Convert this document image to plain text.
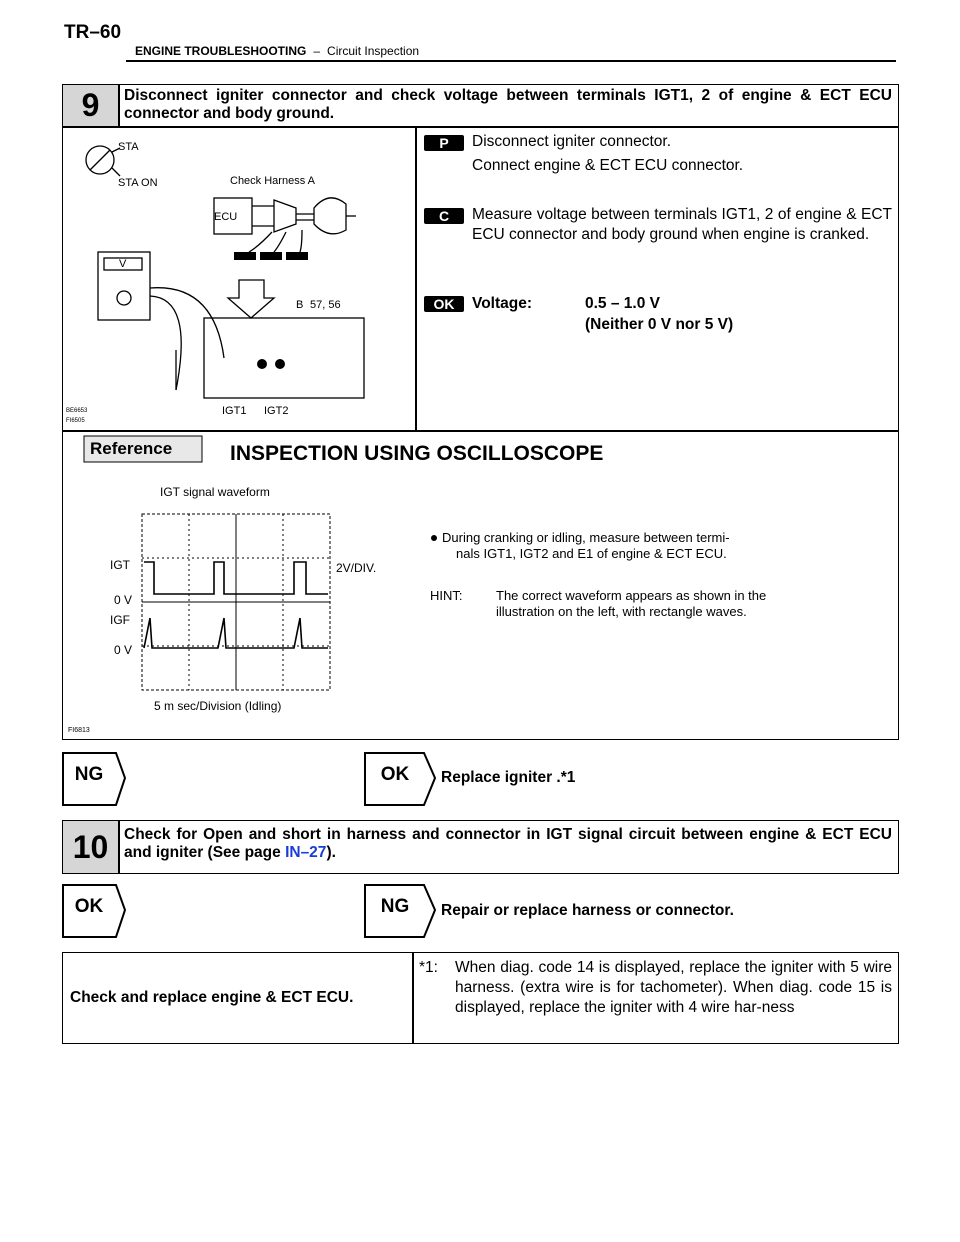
TR–60
ENGINE TROUBLESHOOTING – Circuit Inspection
9	Disconnect igniter connector and check voltage between terminals IGT1, 2 of engine & ECT ECU connector and body ground.
STA
STA ON	Check Harness A
ECU
V
B 57, 56
IGT1 IGT2
BE6653
FI6505
P	Disconnect igniter connector.
Connect engine & ECT ECU connector.
C	Measure voltage between terminals IGT1, 2 of engine & ECT ECU connector and body ground when engine is cranked.
OK	Voltage:	0.5 – 1.0 V
(Neither 0 V nor 5 V)
Reference	INSPECTION USING OSCILLOSCOPE
IGT signal waveform
IGT
0 V
IGF
0 V
2V/DIV.
5 m sec/Division (Idling)
During cranking or idling, measure between termi-
nals IGT1, IGT2 and E1 of engine & ECT ECU.
HINT:	The correct waveform appears as shown in the
illustration on the left, with rectangle waves.
FI6813
NG	OK	Replace igniter .*1
10	Check for Open and short in harness and connector in IGT signal circuit between engine & ECT ECU and igniter (See page IN–27).
OK	NG	Repair or replace harness or connector.
Check and replace engine & ECT ECU.
*1:	When diag. code 14 is displayed, replace the igniter with 5 wire harness. (extra wire is for tachometer). When diag. code 15 is displayed, replace the igniter with 4 wire har-ness
